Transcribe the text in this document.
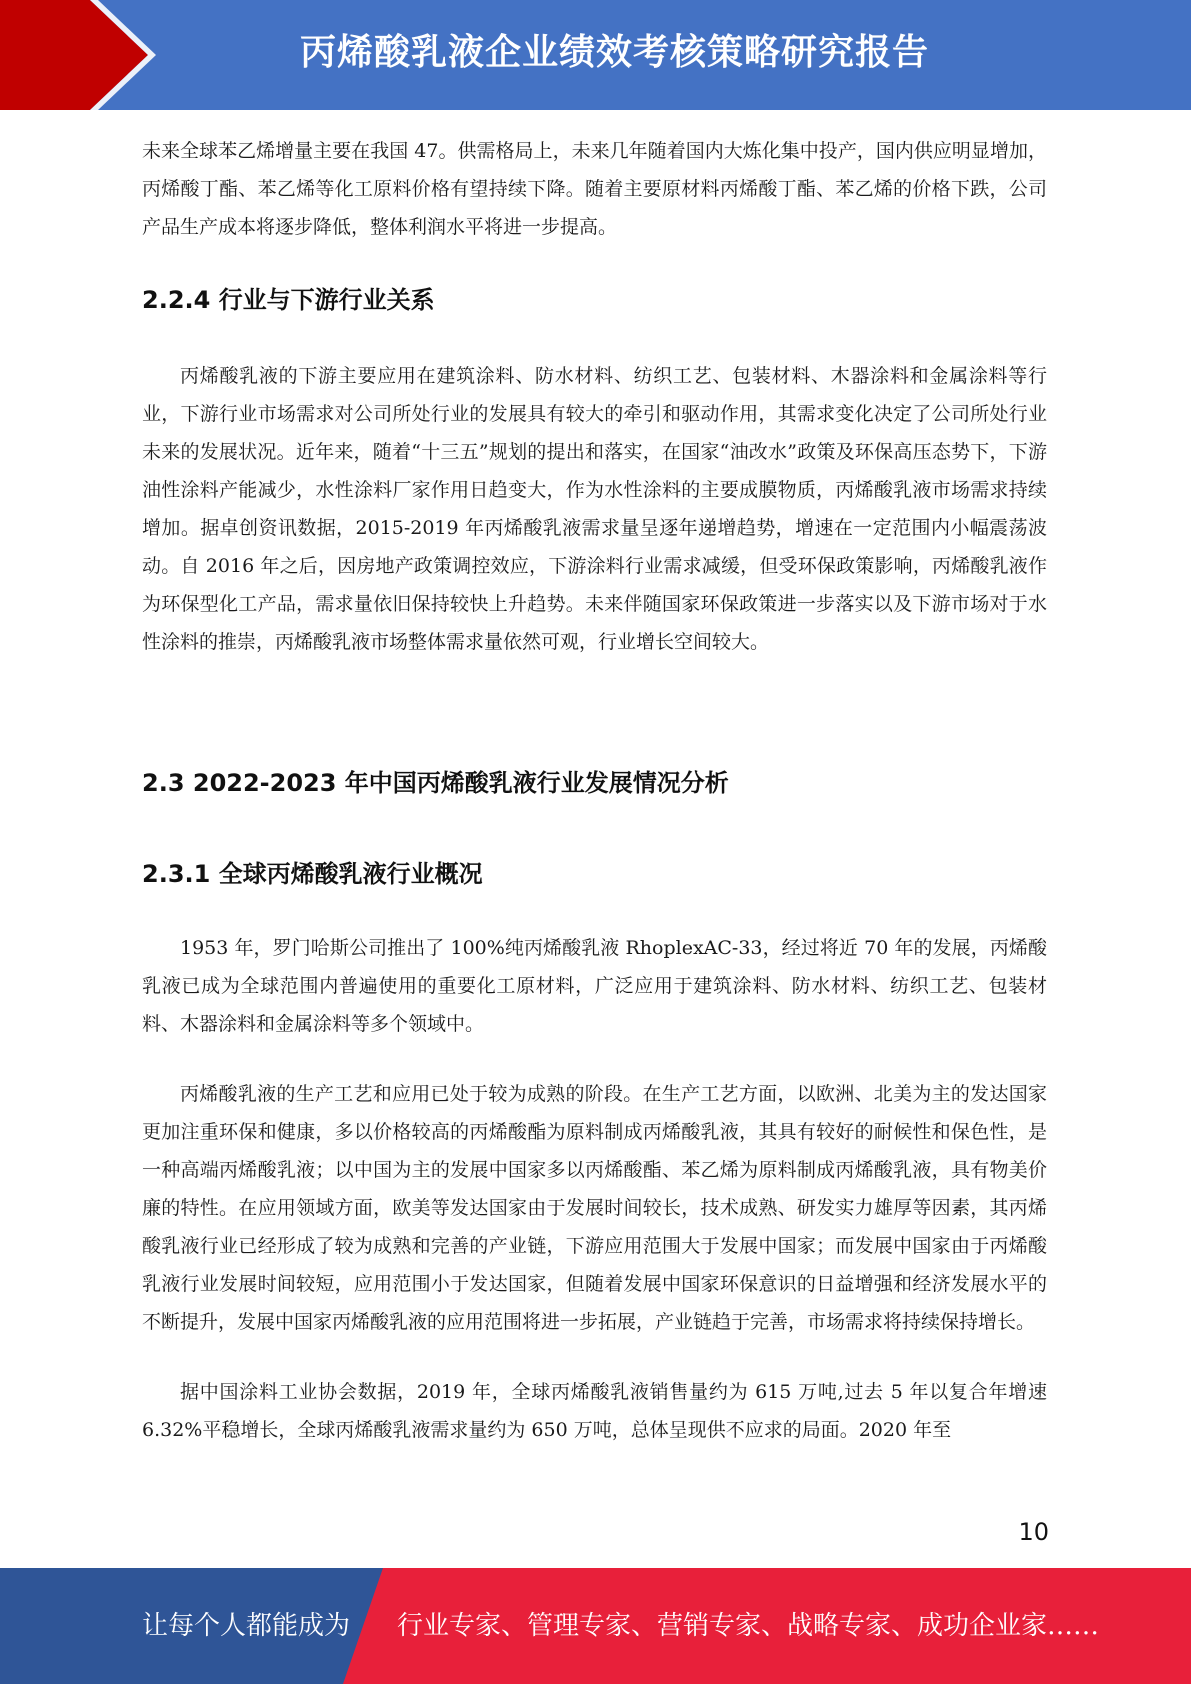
丙烯酸乳液企业绩效考核策略研究报告

未来全球苯乙烯增量主要在我国 47。供需格局上，未来几年随着国内大炼化集中投产，国内供应明显增加，丙烯酸丁酯、苯乙烯等化工原料价格有望持续下降。随着主要原材料丙烯酸丁酯、苯乙烯的价格下跌，公司产品生产成本将逐步降低，整体利润水平将进一步提高。

2.2.4 行业与下游行业关系

丙烯酸乳液的下游主要应用在建筑涂料、防水材料、纺织工艺、包装材料、木器涂料和金属涂料等行业，下游行业市场需求对公司所处行业的发展具有较大的牵引和驱动作用，其需求变化决定了公司所处行业未来的发展状况。近年来，随着“十三五”规划的提出和落实，在国家“油改水”政策及环保高压态势下，下游油性涂料产能减少，水性涂料厂家作用日趋变大，作为水性涂料的主要成膜物质，丙烯酸乳液市场需求持续增加。据卓创资讯数据，2015-2019 年丙烯酸乳液需求量呈逐年递增趋势，增速在一定范围内小幅震荡波动。自 2016 年之后，因房地产政策调控效应，下游涂料行业需求减缓，但受环保政策影响，丙烯酸乳液作为环保型化工产品，需求量依旧保持较快上升趋势。未来伴随国家环保政策进一步落实以及下游市场对于水性涂料的推崇，丙烯酸乳液市场整体需求量依然可观，行业增长空间较大。

2.3 2022-2023 年中国丙烯酸乳液行业发展情况分析
2.3.1 全球丙烯酸乳液行业概况

1953 年，罗门哈斯公司推出了 100%纯丙烯酸乳液 RhoplexAC-33，经过将近 70 年的发展，丙烯酸乳液已成为全球范围内普遍使用的重要化工原材料，广泛应用于建筑涂料、防水材料、纺织工艺、包装材料、木器涂料和金属涂料等多个领域中。

丙烯酸乳液的生产工艺和应用已处于较为成熟的阶段。在生产工艺方面，以欧洲、北美为主的发达国家更加注重环保和健康，多以价格较高的丙烯酸酯为原料制成丙烯酸乳液，其具有较好的耐候性和保色性，是一种高端丙烯酸乳液；以中国为主的发展中国家多以丙烯酸酯、苯乙烯为原料制成丙烯酸乳液，具有物美价廉的特性。在应用领域方面，欧美等发达国家由于发展时间较长，技术成熟、研发实力雄厚等因素，其丙烯酸乳液行业已经形成了较为成熟和完善的产业链，下游应用范围大于发展中国家；而发展中国家由于丙烯酸乳液行业发展时间较短，应用范围小于发达国家，但随着发展中国家环保意识的日益增强和经济发展水平的不断提升，发展中国家丙烯酸乳液的应用范围将进一步拓展，产业链趋于完善，市场需求将持续保持增长。

据中国涂料工业协会数据，2019 年，全球丙烯酸乳液销售量约为 615 万吨,过去 5 年以复合年增速 6.32%平稳增长，全球丙烯酸乳液需求量约为 650 万吨，总体呈现供不应求的局面。2020 年至

10
让每个人都能成为 行业专家、管理专家、营销专家、战略专家、成功企业家……
